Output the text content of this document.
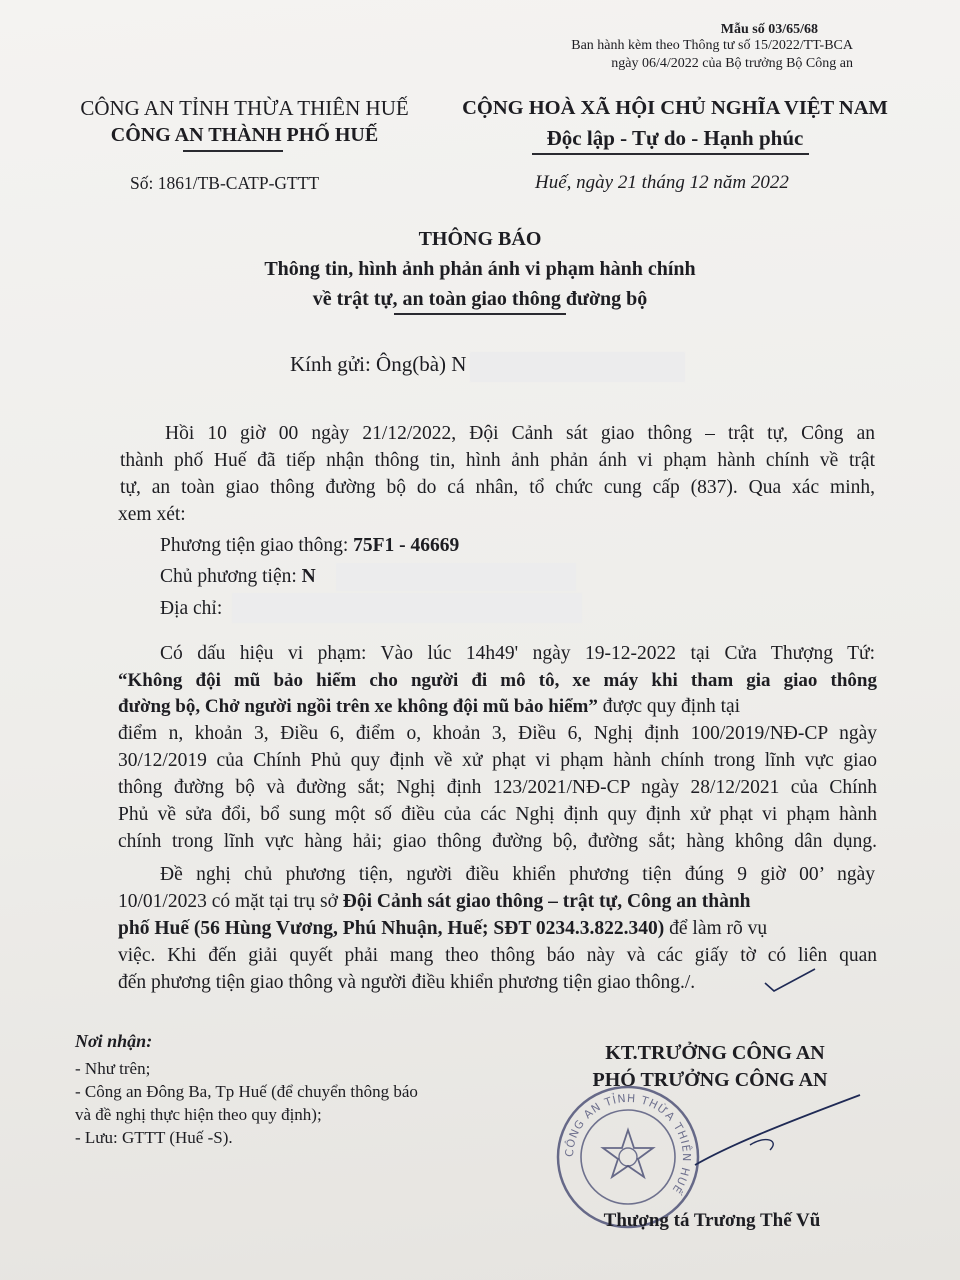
Mẫu số 03/65/68
Ban hành kèm theo Thông tư số 15/2022/TT-BCA
ngày 06/4/2022 của Bộ trưởng Bộ Công an
CÔNG AN TỈNH THỪA THIÊN HUẾ
CÔNG AN THÀNH PHỐ HUẾ
CỘNG HOÀ XÃ HỘI CHỦ NGHĨA VIỆT NAM
Độc lập - Tự do - Hạnh phúc
Số: 1861/TB-CATP-GTTT	Huế, ngày 21 tháng 12 năm 2022
THÔNG BÁO
Thông tin, hình ảnh phản ánh vi phạm hành chính
về trật tự, an toàn giao thông đường bộ
Kính gửi: Ông(bà) N
Hồi 10 giờ 00 ngày 21/12/2022, Đội Cảnh sát giao thông – trật tự, Công an
thành phố Huế đã tiếp nhận thông tin, hình ảnh phản ánh vi phạm hành chính về trật
tự, an toàn giao thông đường bộ do cá nhân, tổ chức cung cấp (837). Qua xác minh,
xem xét:
Phương tiện giao thông: 75F1 - 46669
Chủ phương tiện: N
Địa chỉ:
Có dấu hiệu vi phạm: Vào lúc 14h49' ngày 19-12-2022 tại Cửa Thượng Tứ:
“Không đội mũ bảo hiểm cho người đi mô tô, xe máy khi tham gia giao thông
đường bộ, Chở người ngồi trên xe không đội mũ bảo hiểm” được quy định tại
điểm n, khoản 3, Điều 6, điểm o, khoản 3, Điều 6, Nghị định 100/2019/NĐ-CP ngày
30/12/2019 của Chính Phủ quy định về xử phạt vi phạm hành chính trong lĩnh vực giao
thông đường bộ và đường sắt; Nghị định 123/2021/NĐ-CP ngày 28/12/2021 của Chính
Phủ về sửa đổi, bổ sung một số điều của các Nghị định quy định xử phạt vi phạm hành
chính trong lĩnh vực hàng hải; giao thông đường bộ, đường sắt; hàng không dân dụng.
Đề nghị chủ phương tiện, người điều khiển phương tiện đúng 9 giờ 00’ ngày
10/01/2023 có mặt tại trụ sở Đội Cảnh sát giao thông – trật tự, Công an thành
phố Huế (56 Hùng Vương, Phú Nhuận, Huế; SĐT 0234.3.822.340) để làm rõ vụ
việc. Khi đến giải quyết phải mang theo thông báo này và các giấy tờ có liên quan
đến phương tiện giao thông và người điều khiển phương tiện giao thông./.
Nơi nhận:
- Như trên;
- Công an Đông Ba, Tp Huế (để chuyển thông báo
và đề nghị thực hiện theo quy định);
- Lưu: GTTT (Huế -S).
KT.TRƯỞNG CÔNG AN
PHÓ TRƯỞNG CÔNG AN
CÔNG AN TỈNH THỪA THIÊN HUẾ
Thượng tá Trương Thế Vũ
